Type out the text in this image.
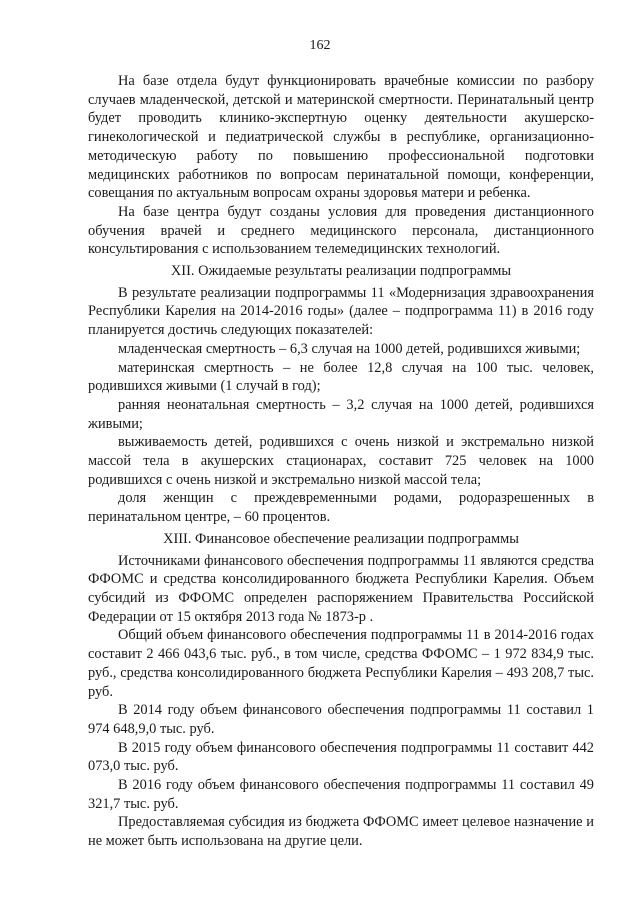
162

На базе отдела будут функционировать врачебные комиссии по разбору случаев младенческой, детской и материнской смертности. Перинатальный центр будет проводить клинико-экспертную оценку деятельности акушерско-гинекологической и педиатрической службы в республике, организационно-методическую работу по повышению профессиональной подготовки медицинских работников по вопросам перинатальной помощи, конференции, совещания по актуальным вопросам охраны здоровья матери и ребенка.

На базе центра будут созданы условия для проведения дистанционного обучения врачей и среднего медицинского персонала, дистанционного консультирования с использованием телемедицинских технологий.

XII. Ожидаемые результаты реализации подпрограммы

В результате реализации подпрограммы 11 «Модернизация здравоохранения Республики Карелия на 2014-2016 годы» (далее – подпрограмма 11) в 2016 году планируется достичь следующих показателей:

младенческая смертность – 6,3 случая на 1000 детей, родившихся живыми;

материнская смертность – не более 12,8 случая на 100 тыс. человек, родившихся живыми (1 случай в год);

ранняя неонатальная смертность – 3,2 случая на 1000 детей, родившихся живыми;

выживаемость детей, родившихся с очень низкой и экстремально низкой массой тела в акушерских стационарах, составит 725 человек на 1000 родившихся с очень низкой и экстремально низкой массой тела;

доля женщин с преждевременными родами, родоразрешенных в перинатальном центре, – 60 процентов.

XIII. Финансовое обеспечение реализации подпрограммы

Источниками финансового обеспечения подпрограммы 11 являются средства ФФОМС и средства консолидированного бюджета Республики Карелия. Объем субсидий из ФФОМС определен распоряжением Правительства Российской Федерации от 15 октября 2013 года № 1873-р .

Общий объем финансового обеспечения подпрограммы 11 в 2014-2016 годах составит 2 466 043,6 тыс. руб., в том числе, средства ФФОМС – 1 972 834,9 тыс. руб., средства консолидированного бюджета Республики Карелия – 493 208,7 тыс. руб.

В 2014 году объем финансового обеспечения подпрограммы 11 составил 1 974 648,9,0 тыс. руб.

В 2015 году объем финансового обеспечения подпрограммы 11 составит 442 073,0 тыс. руб.

В 2016 году объем финансового обеспечения подпрограммы 11 составил 49 321,7 тыс. руб.

Предоставляемая субсидия из бюджета ФФОМС имеет целевое назначение и не может быть использована на другие цели.
